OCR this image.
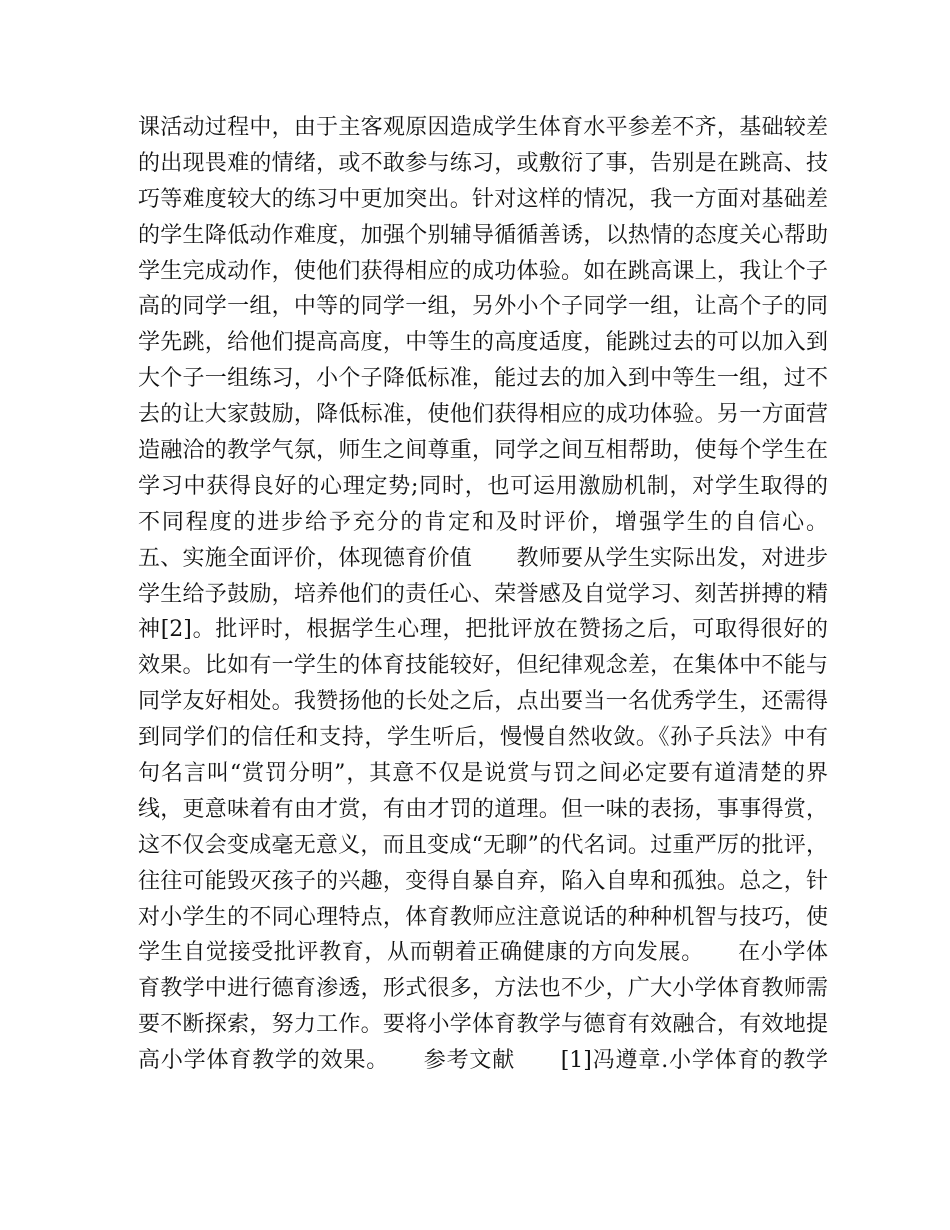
课活动过程中，由于主客观原因造成学生体育水平参差不齐，基础较差
的出现畏难的情绪，或不敢参与练习，或敷衍了事，告别是在跳高、技
巧等难度较大的练习中更加突出。针对这样的情况，我一方面对基础差
的学生降低动作难度，加强个别辅导循循善诱，以热情的态度关心帮助
学生完成动作，使他们获得相应的成功体验。如在跳高课上，我让个子
高的同学一组，中等的同学一组，另外小个子同学一组，让高个子的同
学先跳，给他们提高高度，中等生的高度适度，能跳过去的可以加入到
大个子一组练习，小个子降低标准，能过去的加入到中等生一组，过不
去的让大家鼓励，降低标准，使他们获得相应的成功体验。另一方面营
造融洽的教学气氛，师生之间尊重，同学之间互相帮助，使每个学生在
学习中获得良好的心理定势;同时，也可运用激励机制，对学生取得的
不同程度的进步给予充分的肯定和及时评价，增强学生的自信心。
五、实施全面评价，体现德育价值　　教师要从学生实际出发，对进步
学生给予鼓励，培养他们的责任心、荣誉感及自觉学习、刻苦拼搏的精
神[2]。批评时，根据学生心理，把批评放在赞扬之后，可取得很好的
效果。比如有一学生的体育技能较好，但纪律观念差，在集体中不能与
同学友好相处。我赞扬他的长处之后，点出要当一名优秀学生，还需得
到同学们的信任和支持，学生听后，慢慢自然收敛。《孙子兵法》中有
句名言叫“赏罚分明”，其意不仅是说赏与罚之间必定要有道清楚的界
线，更意味着有由才赏，有由才罚的道理。但一味的表扬，事事得赏，
这不仅会变成毫无意义，而且变成“无聊”的代名词。过重严厉的批评，
往往可能毁灭孩子的兴趣，变得自暴自弃，陷入自卑和孤独。总之，针
对小学生的不同心理特点，体育教师应注意说话的种种机智与技巧，使
学生自觉接受批评教育，从而朝着正确健康的方向发展。　　在小学体
育教学中进行德育渗透，形式很多，方法也不少，广大小学体育教师需
要不断探索，努力工作。要将小学体育教学与德育有效融合，有效地提
高小学体育教学的效果。　　参考文献　　[1]冯遵章.小学体育的教学
